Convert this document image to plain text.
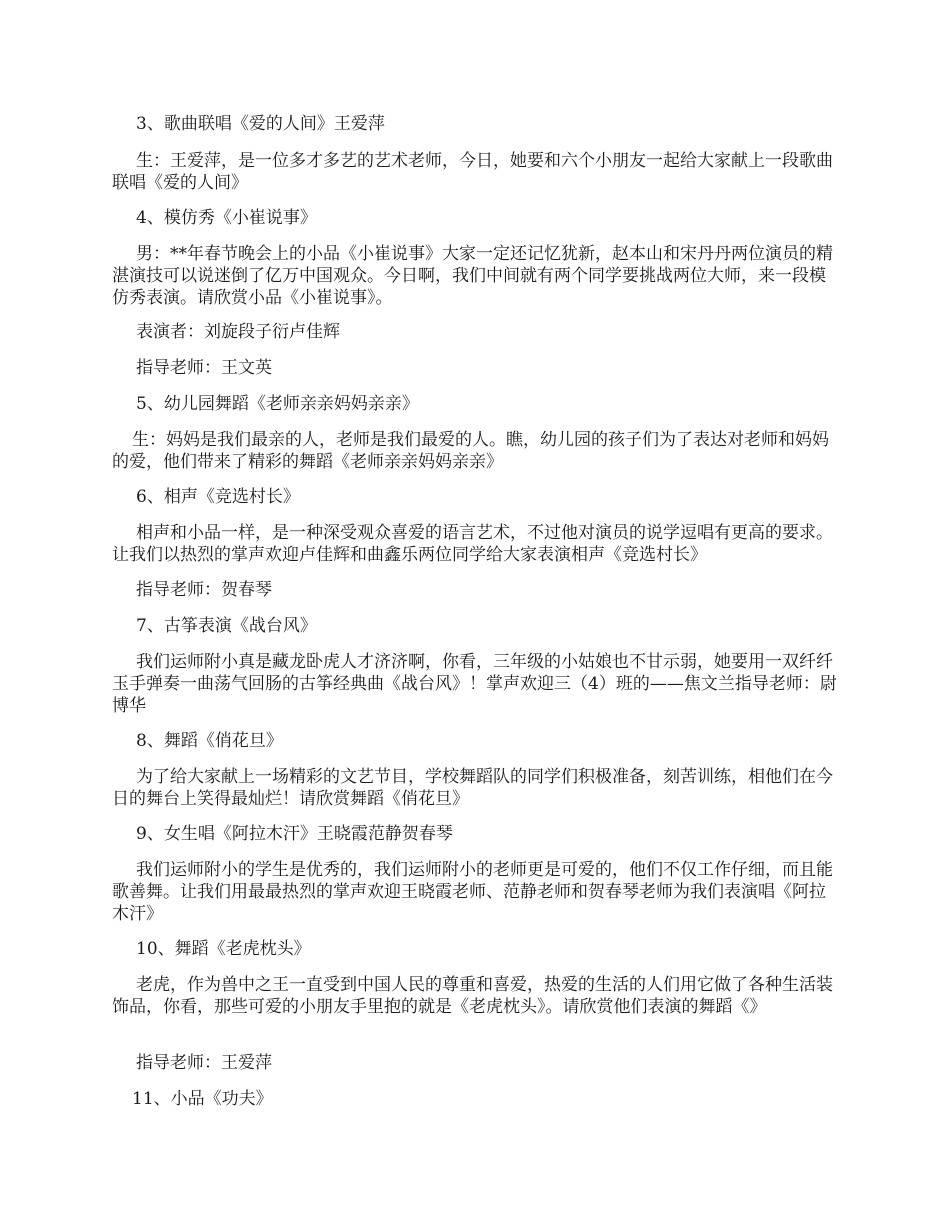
3、歌曲联唱《爱的人间》王爱萍

生：王爱萍，是一位多才多艺的艺术老师，今日，她要和六个小朋友一起给大家献上一段歌曲联唱《爱的人间》

4、模仿秀《小崔说事》

男：**年春节晚会上的小品《小崔说事》大家一定还记忆犹新，赵本山和宋丹丹两位演员的精湛演技可以说迷倒了亿万中国观众。今日啊，我们中间就有两个同学要挑战两位大师，来一段模仿秀表演。请欣赏小品《小崔说事》。

表演者：刘旋段子衍卢佳辉

指导老师：王文英

5、幼儿园舞蹈《老师亲亲妈妈亲亲》

生：妈妈是我们最亲的人，老师是我们最爱的人。瞧，幼儿园的孩子们为了表达对老师和妈妈的爱，他们带来了精彩的舞蹈《老师亲亲妈妈亲亲》

6、相声《竞选村长》

相声和小品一样，是一种深受观众喜爱的语言艺术，不过他对演员的说学逗唱有更高的要求。让我们以热烈的掌声欢迎卢佳辉和曲鑫乐两位同学给大家表演相声《竞选村长》

指导老师：贺春琴

7、古筝表演《战台风》

我们运师附小真是藏龙卧虎人才济济啊，你看，三年级的小姑娘也不甘示弱，她要用一双纤纤玉手弹奏一曲荡气回肠的古筝经典曲《战台风》！掌声欢迎三（4）班的——焦文兰指导老师：尉博华

8、舞蹈《俏花旦》

为了给大家献上一场精彩的文艺节目，学校舞蹈队的同学们积极准备，刻苦训练，相他们在今日的舞台上笑得最灿烂！请欣赏舞蹈《俏花旦》

9、女生唱《阿拉木汗》王晓霞范静贺春琴

我们运师附小的学生是优秀的，我们运师附小的老师更是可爱的，他们不仅工作仔细，而且能歌善舞。让我们用最最热烈的掌声欢迎王晓霞老师、范静老师和贺春琴老师为我们表演唱《阿拉木汗》

10、舞蹈《老虎枕头》

老虎，作为兽中之王一直受到中国人民的尊重和喜爱，热爱的生活的人们用它做了各种生活装饰品，你看，那些可爱的小朋友手里抱的就是《老虎枕头》。请欣赏他们表演的舞蹈《》

指导老师：王爱萍

11、小品《功夫》
